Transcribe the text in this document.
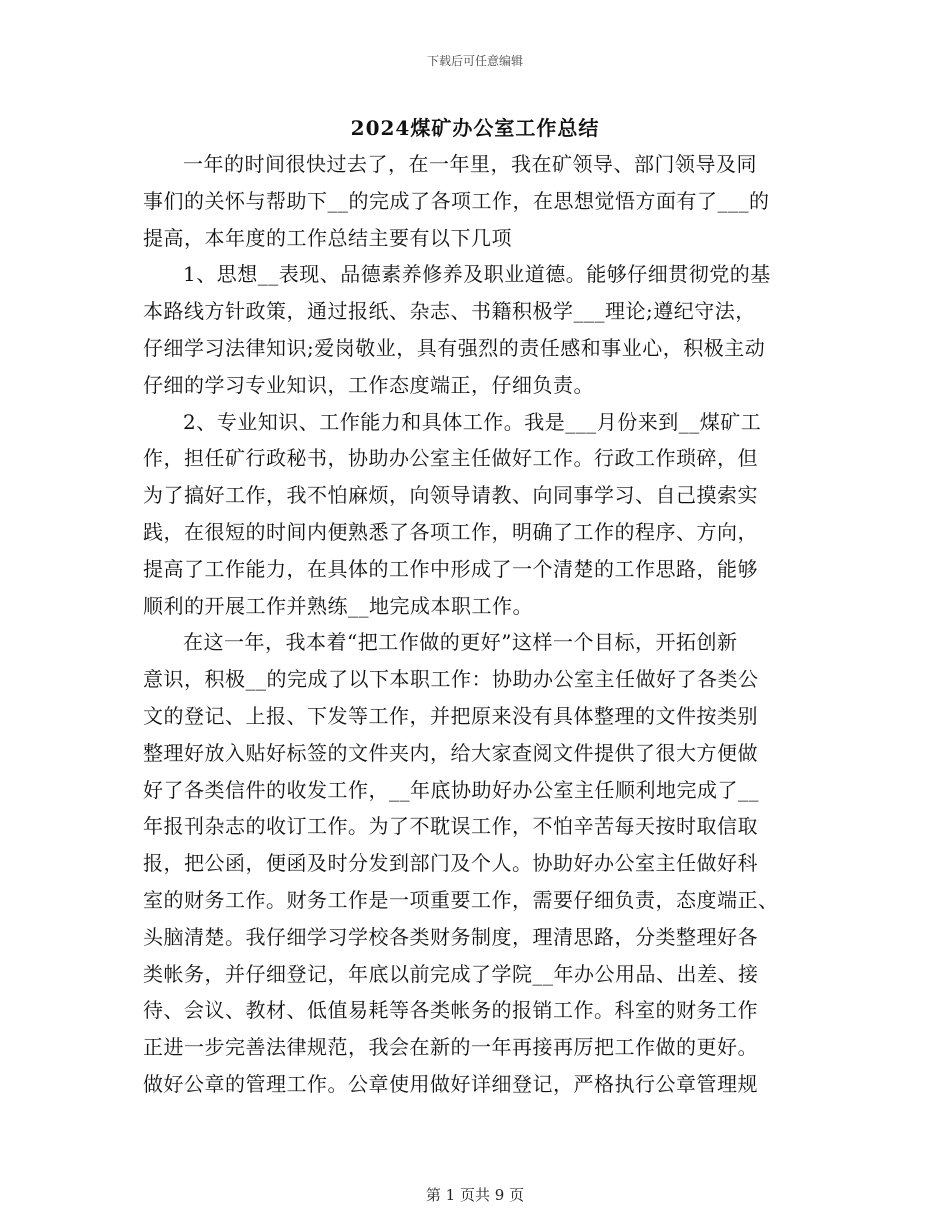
下载后可任意编辑
2024煤矿办公室工作总结
一年的时间很快过去了，在一年里，我在矿领导、部门领导及同
事们的关怀与帮助下__的完成了各项工作，在思想觉悟方面有了___的
提高，本年度的工作总结主要有以下几项
1、思想__表现、品德素养修养及职业道德。能够仔细贯彻党的基
本路线方针政策，通过报纸、杂志、书籍积极学___理论;遵纪守法，
仔细学习法律知识;爱岗敬业，具有强烈的责任感和事业心，积极主动
仔细的学习专业知识，工作态度端正，仔细负责。
2、专业知识、工作能力和具体工作。我是___月份来到__煤矿工
作，担任矿行政秘书，协助办公室主任做好工作。行政工作琐碎，但
为了搞好工作，我不怕麻烦，向领导请教、向同事学习、自己摸索实
践，在很短的时间内便熟悉了各项工作，明确了工作的程序、方向，
提高了工作能力，在具体的工作中形成了一个清楚的工作思路，能够
顺利的开展工作并熟练__地完成本职工作。
在这一年，我本着“把工作做的更好”这样一个目标，开拓创新
意识，积极__的完成了以下本职工作：协助办公室主任做好了各类公
文的登记、上报、下发等工作，并把原来没有具体整理的文件按类别
整理好放入贴好标签的文件夹内，给大家查阅文件提供了很大方便做
好了各类信件的收发工作，__年底协助好办公室主任顺利地完成了__
年报刊杂志的收订工作。为了不耽误工作，不怕辛苦每天按时取信取
报，把公函，便函及时分发到部门及个人。协助好办公室主任做好科
室的财务工作。财务工作是一项重要工作，需要仔细负责，态度端正、
头脑清楚。我仔细学习学校各类财务制度，理清思路，分类整理好各
类帐务，并仔细登记，年底以前完成了学院__年办公用品、出差、接
待、会议、教材、低值易耗等各类帐务的报销工作。科室的财务工作
正进一步完善法律规范，我会在新的一年再接再厉把工作做的更好。
做好公章的管理工作。公章使用做好详细登记，严格执行公章管理规
第 1 页共 9 页
